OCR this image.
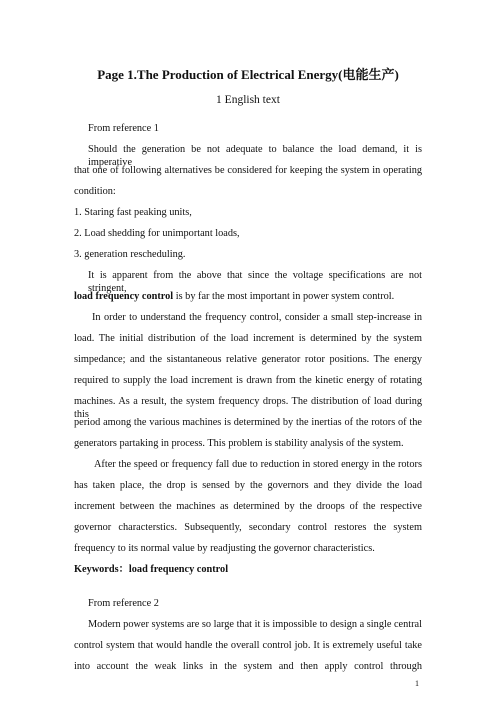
Page 1.The Production of Electrical Energy(电能生产)
1 English text
From reference 1
Should the generation be not adequate to balance the load demand, it is imperative
that one of following alternatives be considered for keeping the system in operating
condition:
1. Staring fast peaking units,
2. Load shedding for unimportant loads,
3. generation rescheduling.
It is apparent from the above that since the voltage specifications are not stringent,
load frequency control is by far the most important in power system control.
In order to understand the frequency control, consider a small step-increase in
load. The initial distribution of the load increment is determined by the system
simpedance; and the sistantaneous relative generator rotor positions. The energy
required to supply the load increment is drawn from the kinetic energy of rotating
machines. As a result, the system frequency drops. The distribution of load during this
period among the various machines is determined by the inertias of the rotors of the
generators partaking in process. This problem is stability analysis of the system.
After the speed or frequency fall due to reduction in stored energy in the rotors
has taken place, the drop is sensed by the governors and they divide the load
increment between the machines as determined by the droops of the respective
governor characterstics. Subsequently, secondary control restores the system
frequency to its normal value by readjusting the governor characteristics.
Keywords：load frequency control
From reference 2
Modern power systems are so large that it is impossible to design a single central
control system that would handle the overall control job. It is extremely useful take
into account the weak links in the system and then apply control through
1
